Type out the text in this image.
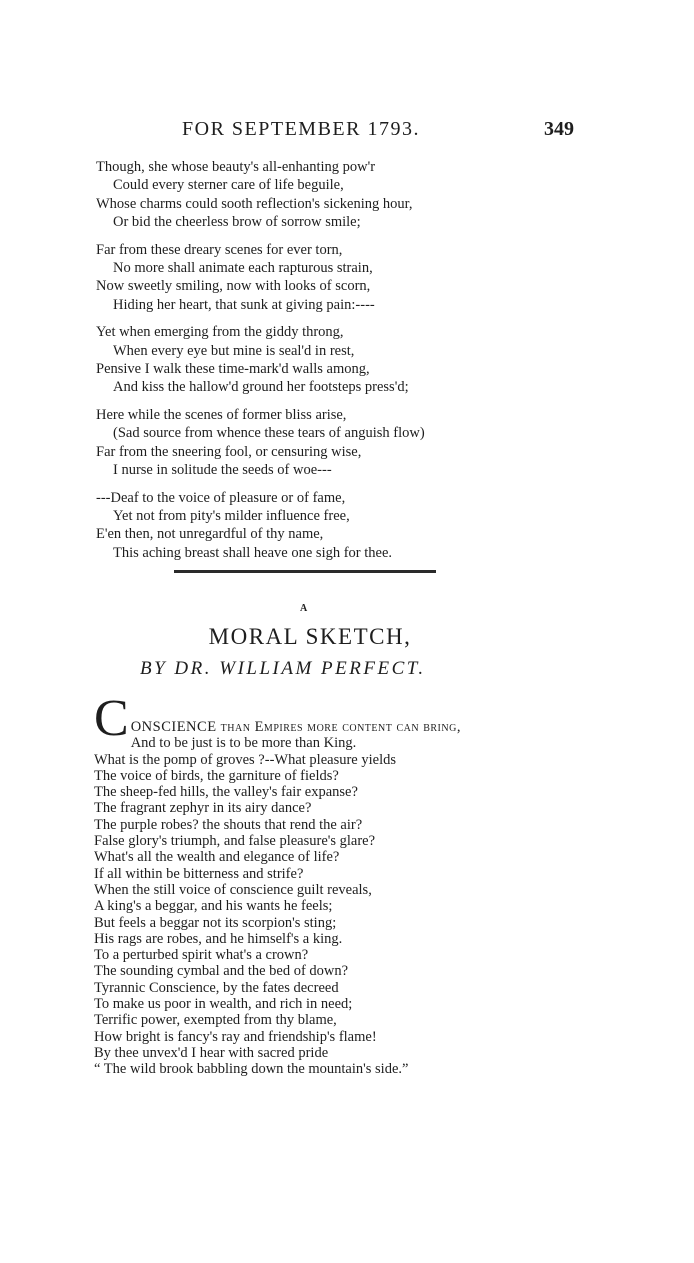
FOR SEPTEMBER 1793.	349
Though, she whose beauty's all-enhanting pow'r
Could every sterner care of life beguile,
Whose charms could sooth reflection's sickening hour,
Or bid the cheerless brow of sorrow smile;
Far from these dreary scenes for ever torn,
No more shall animate each rapturous strain,
Now sweetly smiling, now with looks of scorn,
Hiding her heart, that sunk at giving pain:----
Yet when emerging from the giddy throng,
When every eye but mine is seal'd in rest,
Pensive I walk these time-mark'd walls among,
And kiss the hallow'd ground her footsteps press'd;
Here while the scenes of former bliss arise,
(Sad source from whence these tears of anguish flow)
Far from the sneering fool, or censuring wise,
I nurse in solitude the seeds of woe---
---Deaf to the voice of pleasure or of fame,
Yet not from pity's milder influence free,
E'en then, not unregardful of thy name,
This aching breast shall heave one sigh for thee.

A

MORAL SKETCH,
BY DR. WILLIAM PERFECT.
C ONSCIENCE than Empires more content can bring,
And to be just is to be more than King.
What is the pomp of groves ?--What pleasure yields
The voice of birds, the garniture of fields?
The sheep-fed hills, the valley's fair expanse?
The fragrant zephyr in its airy dance?
The purple robes? the shouts that rend the air?
False glory's triumph, and false pleasure's glare?
What's all the wealth and elegance of life?
If all within be bitterness and strife?
When the still voice of conscience guilt reveals,
A king's a beggar, and his wants he feels;
But feels a beggar not its scorpion's sting;
His rags are robes, and he himself's a king.
To a perturbed spirit what's a crown?
The sounding cymbal and the bed of down?
Tyrannic Conscience, by the fates decreed
To make us poor in wealth, and rich in need;
Terrific power, exempted from thy blame,
How bright is fancy's ray and friendship's flame!
By thee unvex'd I hear with sacred pride
“ The wild brook babbling down the mountain's side.”
